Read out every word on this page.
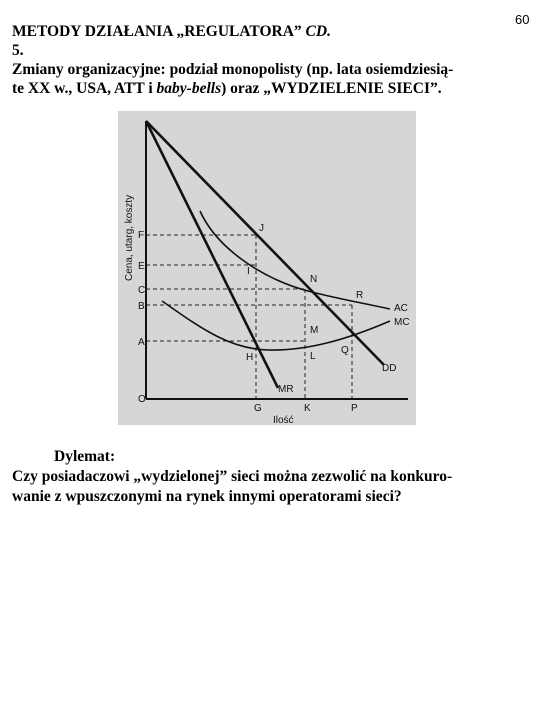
60
METODY DZIAŁANIA „REGULATORA” CD.
5.
Zmiany organizacyjne: podział monopolisty (np. lata osiemdziesią-
te XX w., USA, ATT i baby-bells) oraz „WYDZIELENIE SIECI”.
Cena, utarg, koszty
Ilość
F
E
C
B
A
O
G	K	P
AC
MC
DD
MR
J
I
N
R
M
H	L
Q
Dylemat:
Czy posiadaczowi „wydzielonej” sieci można zezwolić na konkuro-
wanie z wpuszczonymi na rynek innymi operatorami sieci?
